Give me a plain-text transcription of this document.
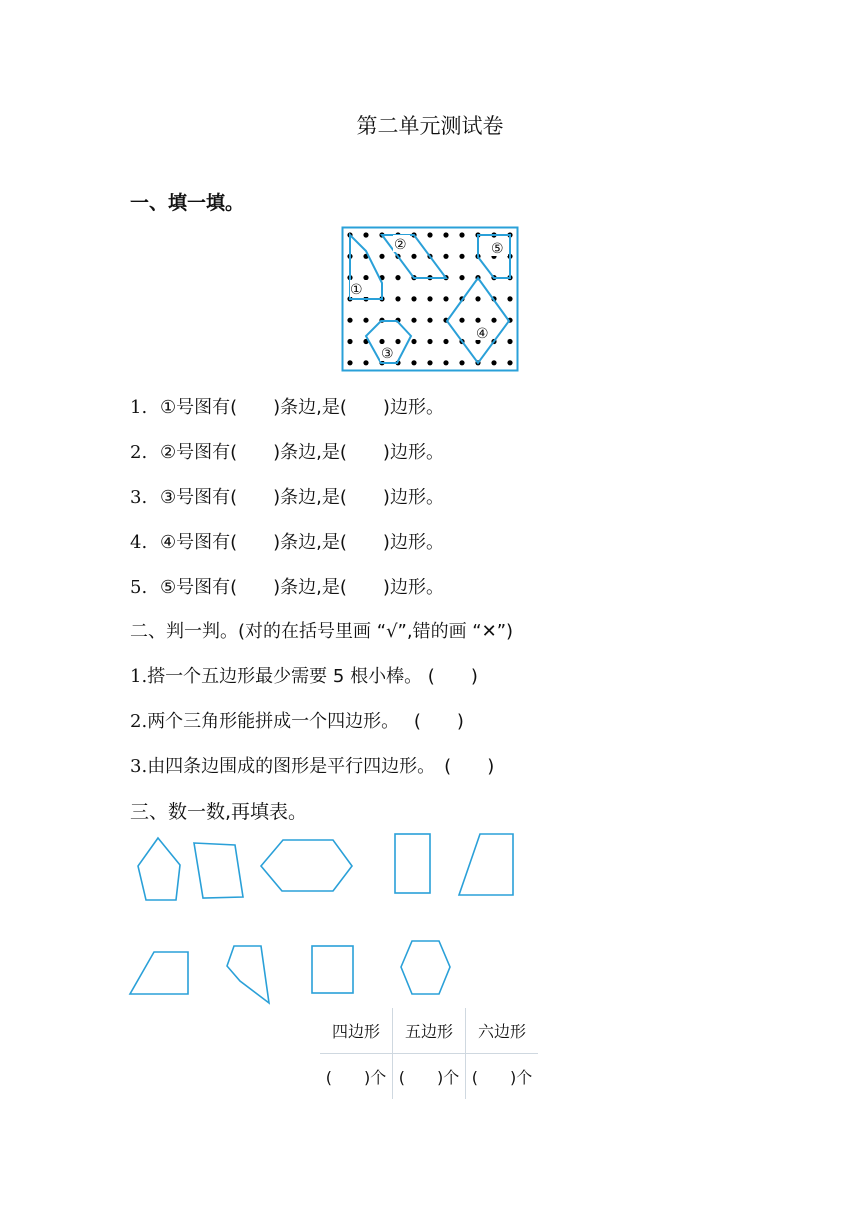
第二单元测试卷
一、填一填。
②	⑤
①
③
④
1. ①号图有(　　)条边,是(　　)边形。
2. ②号图有(　　)条边,是(　　)边形。
3. ③号图有(　　)条边,是(　　)边形。
4. ④号图有(　　)条边,是(　　)边形。
5. ⑤号图有(　　)条边,是(　　)边形。
二、判一判。(对的在括号里画 “√”,错的画 “✕”)
1.搭一个五边形最少需要 5 根小棒。 (　　)
2.两个三角形能拼成一个四边形。　 (　　)
3.由四条边围成的图形是平行四边形。　(　　)
三、数一数,再填表。
四边形	五边形	六边形
(　　)个	(　　)个	(　　)个
